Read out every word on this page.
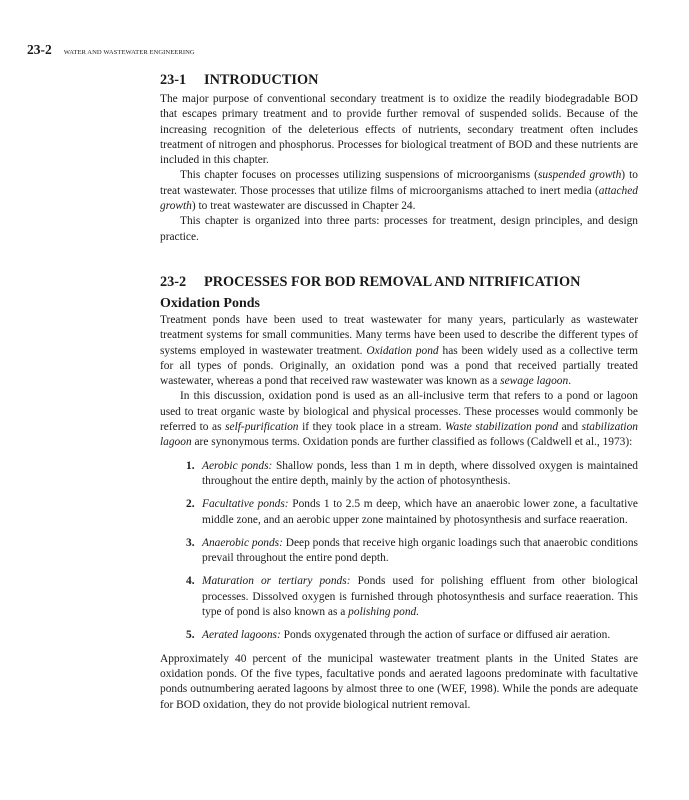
23-2 WATER AND WASTEWATER ENGINEERING
23-1 INTRODUCTION

The major purpose of conventional secondary treatment is to oxidize the readily biodegradable BOD that escapes primary treatment and to provide further removal of suspended solids. Because of the increasing recognition of the deleterious effects of nutrients, secondary treatment often includes treatment of nitrogen and phosphorus. Processes for biological treatment of BOD and these nutrients are included in this chapter.

This chapter focuses on processes utilizing suspensions of microorganisms (suspended growth) to treat wastewater. Those processes that utilize films of microorganisms attached to inert media (attached growth) to treat wastewater are discussed in Chapter 24.

This chapter is organized into three parts: processes for treatment, design principles, and design practice.

23-2 PROCESSES FOR BOD REMOVAL AND NITRIFICATION
Oxidation Ponds

Treatment ponds have been used to treat wastewater for many years, particularly as wastewater treatment systems for small communities. Many terms have been used to describe the different types of systems employed in wastewater treatment. Oxidation pond has been widely used as a collective term for all types of ponds. Originally, an oxidation pond was a pond that received partially treated wastewater, whereas a pond that received raw wastewater was known as a sewage lagoon.

In this discussion, oxidation pond is used as an all-inclusive term that refers to a pond or lagoon used to treat organic waste by biological and physical processes. These processes would commonly be referred to as self-purification if they took place in a stream. Waste stabilization pond and stabilization lagoon are synonymous terms. Oxidation ponds are further classified as follows (Caldwell et al., 1973):

1. Aerobic ponds: Shallow ponds, less than 1 m in depth, where dissolved oxygen is maintained throughout the entire depth, mainly by the action of photosynthesis.
2. Facultative ponds: Ponds 1 to 2.5 m deep, which have an anaerobic lower zone, a facultative middle zone, and an aerobic upper zone maintained by photosynthesis and surface reaeration.
3. Anaerobic ponds: Deep ponds that receive high organic loadings such that anaerobic conditions prevail throughout the entire pond depth.
4. Maturation or tertiary ponds: Ponds used for polishing effluent from other biological processes. Dissolved oxygen is furnished through photosynthesis and surface reaeration. This type of pond is also known as a polishing pond.
5. Aerated lagoons: Ponds oxygenated through the action of surface or diffused air aeration.

Approximately 40 percent of the municipal wastewater treatment plants in the United States are oxidation ponds. Of the five types, facultative ponds and aerated lagoons predominate with facultative ponds outnumbering aerated lagoons by almost three to one (WEF, 1998). While the ponds are adequate for BOD oxidation, they do not provide biological nutrient removal.
